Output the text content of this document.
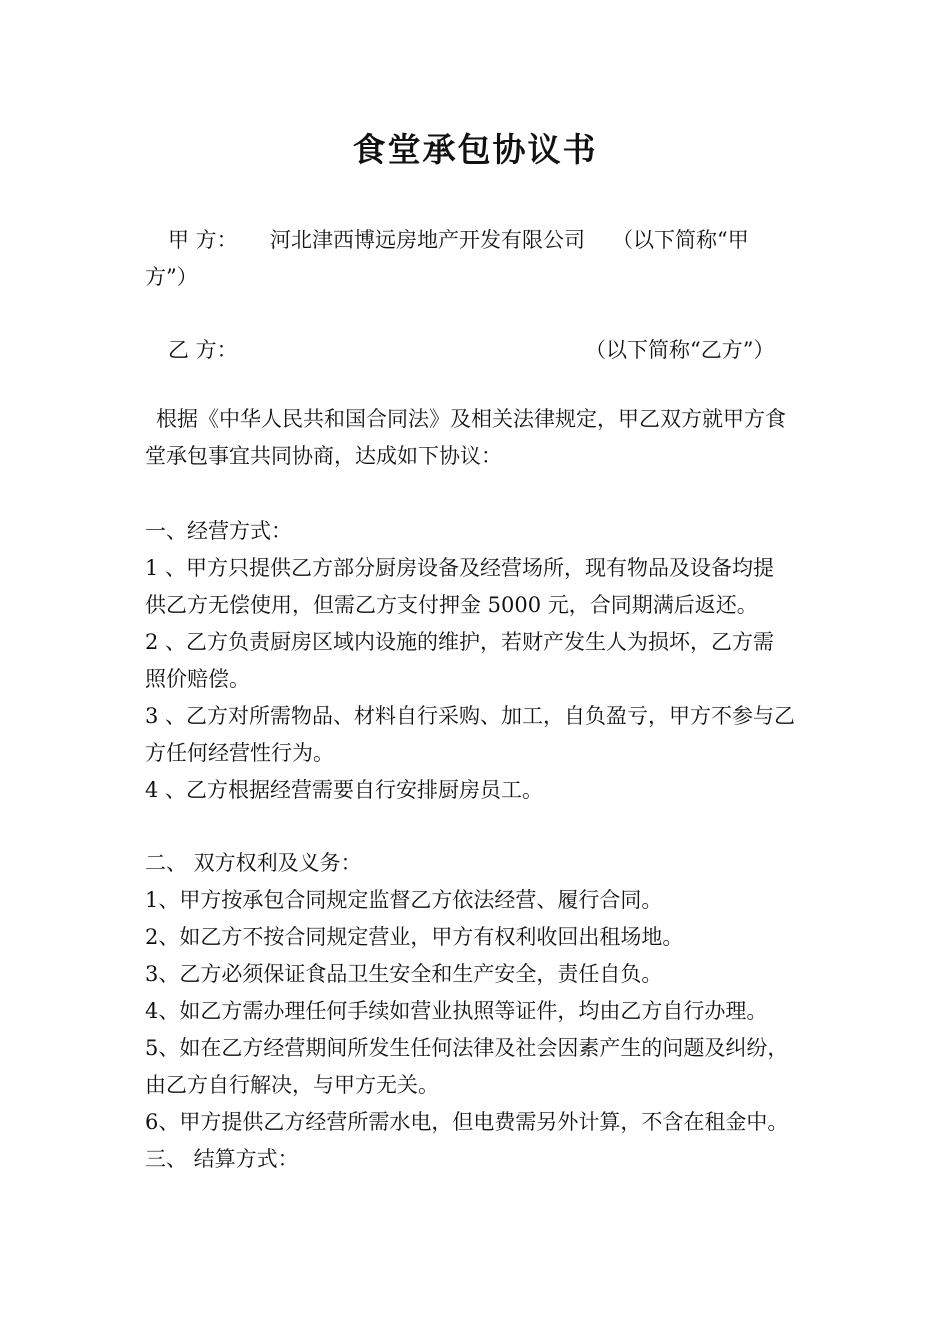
食堂承包协议书
甲 方： 河北津西博远房地产开发有限公司 （以下简称“甲
方”）
乙 方：	（以下简称“乙方”）
根据《中华人民共和国合同法》及相关法律规定，甲乙双方就甲方食
堂承包事宜共同协商，达成如下协议：
一、经营方式：
1 、甲方只提供乙方部分厨房设备及经营场所，现有物品及设备均提
供乙方无偿使用，但需乙方支付押金 5000 元，合同期满后返还。
2 、乙方负责厨房区域内设施的维护，若财产发生人为损坏，乙方需
照价赔偿。
3 、乙方对所需物品、材料自行采购、加工，自负盈亏，甲方不参与乙
方任何经营性行为。
4 、乙方根据经营需要自行安排厨房员工。
二、 双方权利及义务：
1、甲方按承包合同规定监督乙方依法经营、履行合同。
2、如乙方不按合同规定营业，甲方有权利收回出租场地。
3、乙方必须保证食品卫生安全和生产安全，责任自负。
4、如乙方需办理任何手续如营业执照等证件，均由乙方自行办理。
5、如在乙方经营期间所发生任何法律及社会因素产生的问题及纠纷，
由乙方自行解决，与甲方无关。
6、甲方提供乙方经营所需水电，但电费需另外计算，不含在租金中。
三、 结算方式：
